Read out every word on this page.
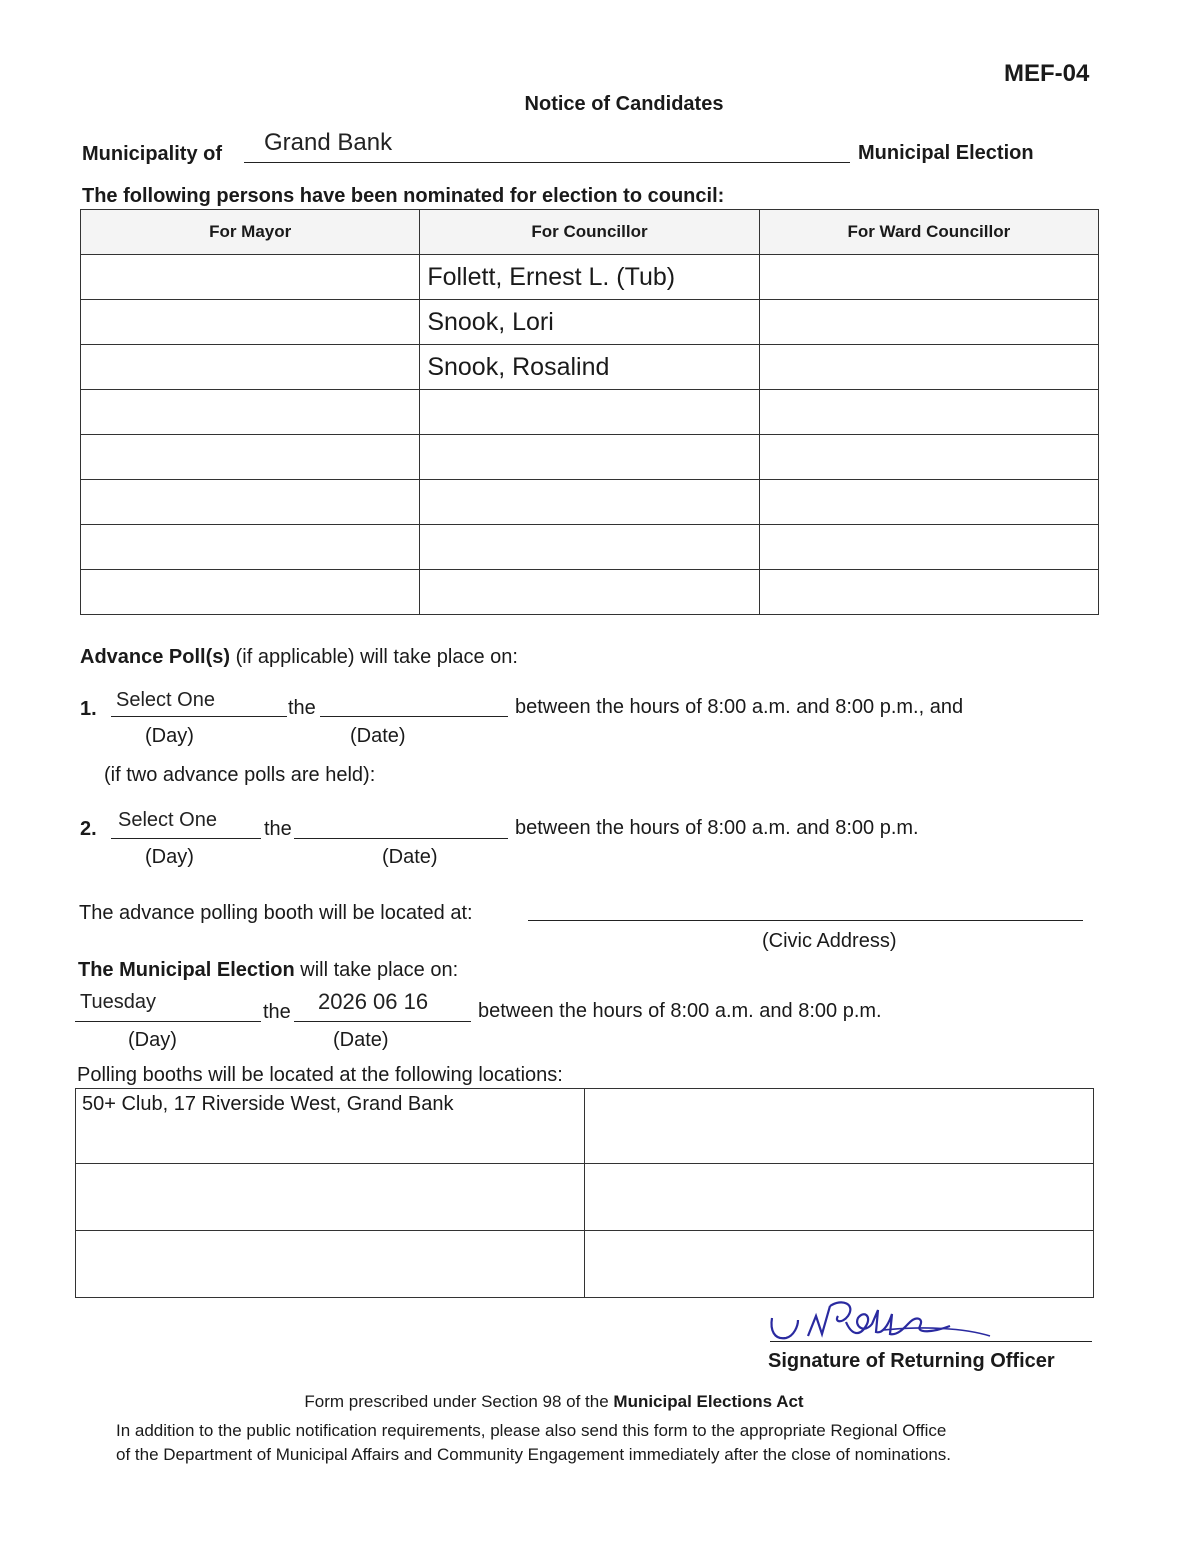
MEF-04
Notice of Candidates
Municipality of Grand Bank	Municipal Election
The following persons have been nominated for election to council:
For Mayor	For Councillor	For Ward Councillor
	Follett, Ernest L. (Tub)	
	Snook, Lori	
	Snook, Rosalind	

Advance Poll(s) (if applicable) will take place on:
1. Select One	the	between the hours of 8:00 a.m. and 8:00 p.m., and
(Day)	(Date)
(if two advance polls are held):
2. Select One the	between the hours of 8:00 a.m. and 8:00 p.m.
(Day)	(Date)
The advance polling booth will be located at:
(Civic Address)
The Municipal Election will take place on:
Tuesday	the 2026 06 16 between the hours of 8:00 a.m. and 8:00 p.m.
(Day)	(Date)
Polling booths will be located at the following locations:
50+ Club, 17 Riverside West, Grand Bank	

Signature of Returning Officer
Form prescribed under Section 98 of the Municipal Elections Act
In addition to the public notification requirements, please also send this form to the appropriate Regional Office
of the Department of Municipal Affairs and Community Engagement immediately after the close of nominations.
